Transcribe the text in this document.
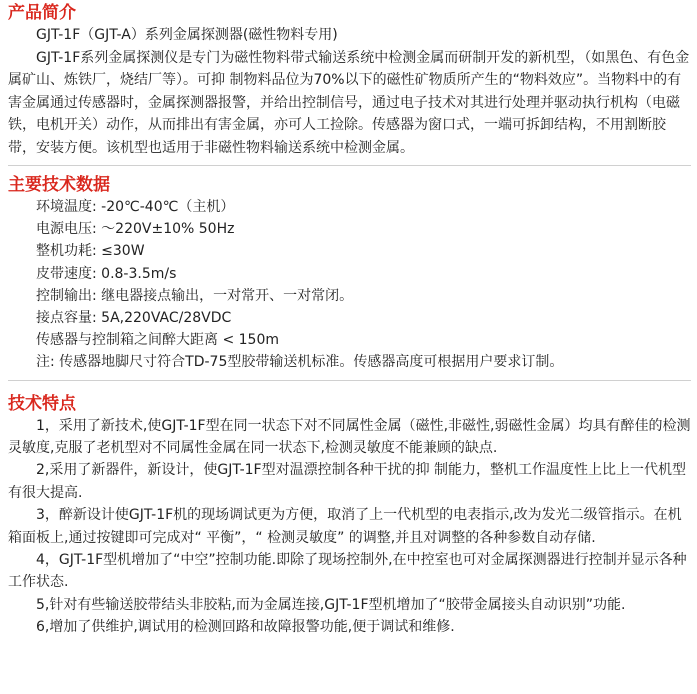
产品简介

GJT-1F（GJT-A）系列金属探测器(磁性物料专用)

GJT-1F系列金属探测仪是专门为磁性物料带式输送系统中检测金属而研制开发的新机型，（如黑色、有色金属矿山、炼铁厂，烧结厂等）。可抑 制物料品位为70%以下的磁性矿物质所产生的“物料效应”。当物料中的有害金属通过传感器时，金属探测器报警，并给出控制信号，通过电子技术对其进行处理并驱动执行机构（电磁铁，电机开关）动作，从而排出有害金属，亦可人工捡除。传感器为窗口式，一端可拆卸结构，不用割断胶带，安装方便。该机型也适用于非磁性物料输送系统中检测金属。

主要技术数据

环境温度: -20℃-40℃（主机）

电源电压: ～220V±10% 50Hz

整机功耗: ≤30W

皮带速度: 0.8-3.5m/s

控制输出: 继电器接点输出，一对常开、一对常闭。

接点容量: 5A,220VAC/28VDC

传感器与控制箱之间醉大距离 < 150m

注: 传感器地脚尺寸符合TD-75型胶带输送机标准。传感器高度可根据用户要求订制。

技术特点

1，采用了新技术,使GJT-1F型在同一状态下对不同属性金属（磁性,非磁性,弱磁性金属）均具有醉佳的检测灵敏度,克服了老机型对不同属性金属在同一状态下,检测灵敏度不能兼顾的缺点.

2,采用了新器件，新设计，使GJT-1F型对温漂控制各种干扰的抑 制能力，整机工作温度性上比上一代机型有很大提高.

3，醉新设计使GJT-1F机的现场调试更为方便，取消了上一代机型的电表指示,改为发光二级管指示。在机箱面板上,通过按键即可完成对“ 平衡”，“ 检测灵敏度” 的调整,并且对调整的各种参数自动存储.

4，GJT-1F型机增加了“中空”控制功能.即除了现场控制外,在中控室也可对金属探测器进行控制并显示各种工作状态.

5,针对有些输送胶带结头非胶粘,而为金属连接,GJT-1F型机增加了“胶带金属接头自动识别”功能.

6,增加了供维护,调试用的检测回路和故障报警功能,便于调试和维修.
